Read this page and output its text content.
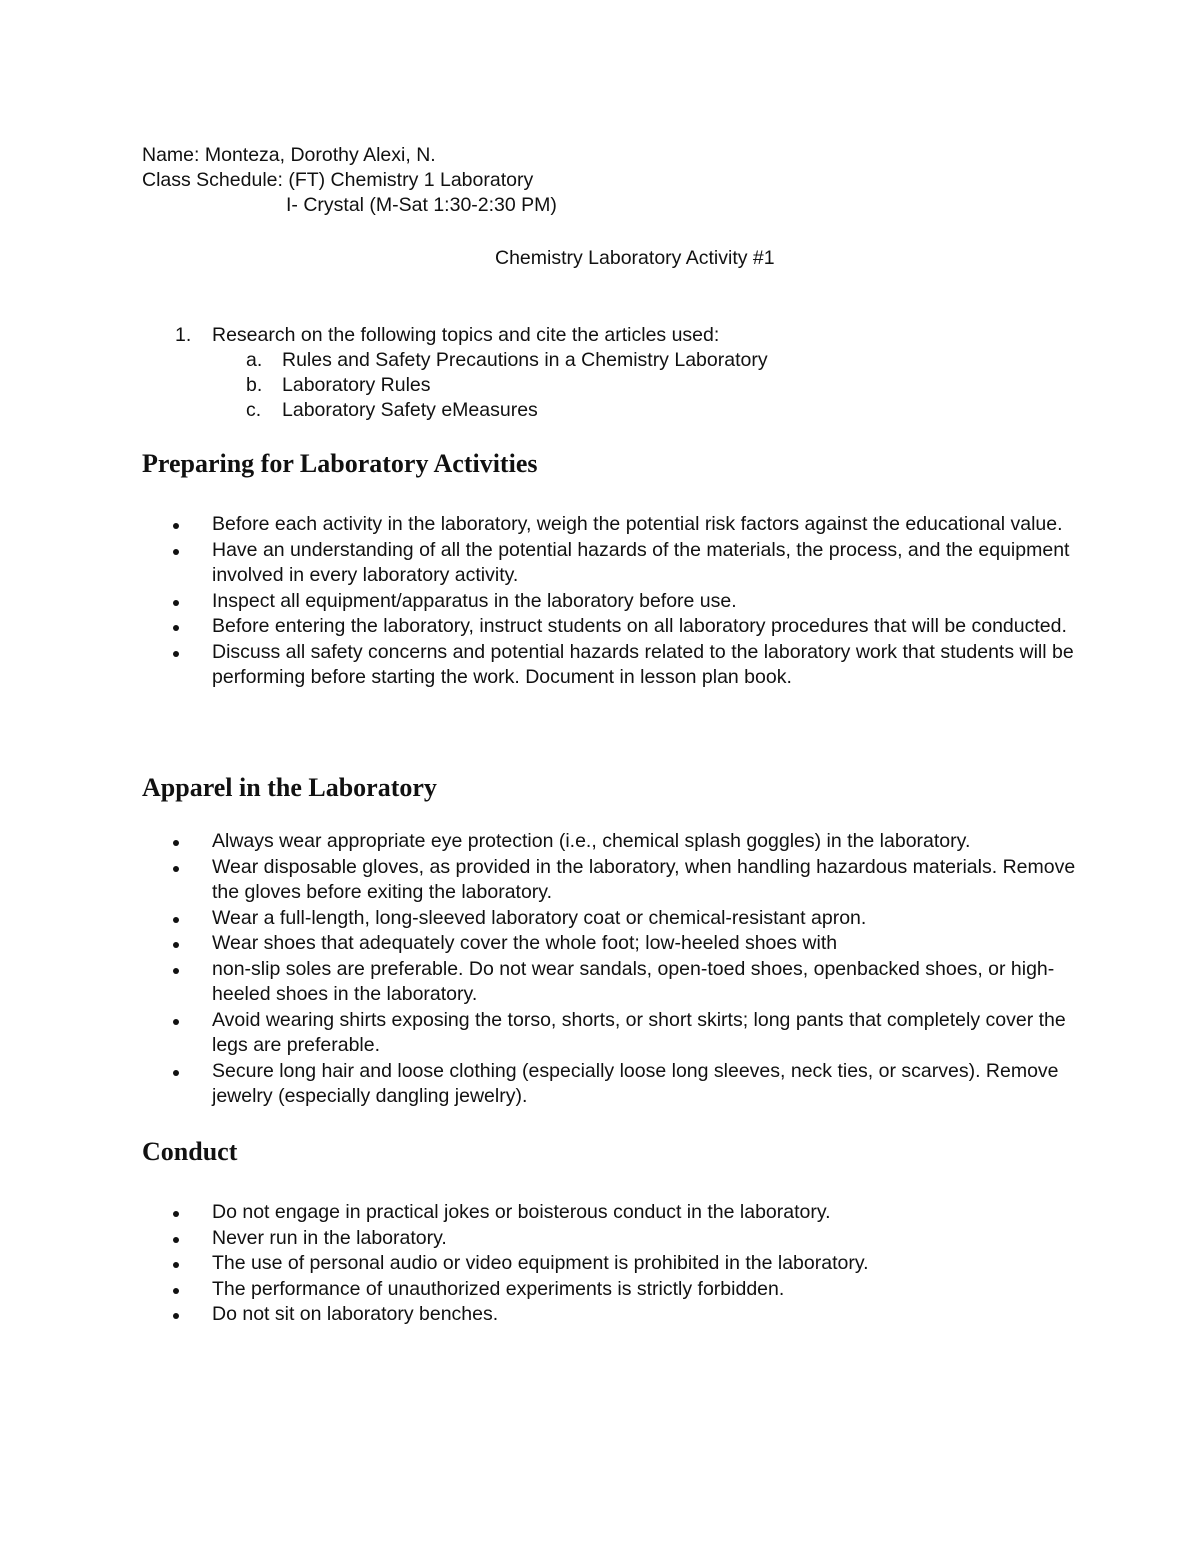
Name: Monteza, Dorothy Alexi, N.
Class Schedule: (FT) Chemistry 1 Laboratory
I- Crystal (M-Sat 1:30-2:30 PM)
Chemistry Laboratory Activity #1
1. Research on the following topics and cite the articles used:
a. Rules and Safety Precautions in a Chemistry Laboratory
b. Laboratory Rules
c. Laboratory Safety eMeasures
Preparing for Laboratory Activities
Before each activity in the laboratory, weigh the potential risk factors against the educational value.
Have an understanding of all the potential hazards of the materials, the process, and the equipment involved in every laboratory activity.
Inspect all equipment/apparatus in the laboratory before use.
Before entering the laboratory, instruct students on all laboratory procedures that will be conducted.
Discuss all safety concerns and potential hazards related to the laboratory work that students will be performing before starting the work. Document in lesson plan book.
Apparel in the Laboratory
Always wear appropriate eye protection (i.e., chemical splash goggles) in the laboratory.
Wear disposable gloves, as provided in the laboratory, when handling hazardous materials. Remove the gloves before exiting the laboratory.
Wear a full-length, long-sleeved laboratory coat or chemical-resistant apron.
Wear shoes that adequately cover the whole foot; low-heeled shoes with
non-slip soles are preferable. Do not wear sandals, open-toed shoes, openbacked shoes, or high-heeled shoes in the laboratory.
Avoid wearing shirts exposing the torso, shorts, or short skirts; long pants that completely cover the legs are preferable.
Secure long hair and loose clothing (especially loose long sleeves, neck ties, or scarves). Remove jewelry (especially dangling jewelry).
Conduct
Do not engage in practical jokes or boisterous conduct in the laboratory.
Never run in the laboratory.
The use of personal audio or video equipment is prohibited in the laboratory.
The performance of unauthorized experiments is strictly forbidden.
Do not sit on laboratory benches.
